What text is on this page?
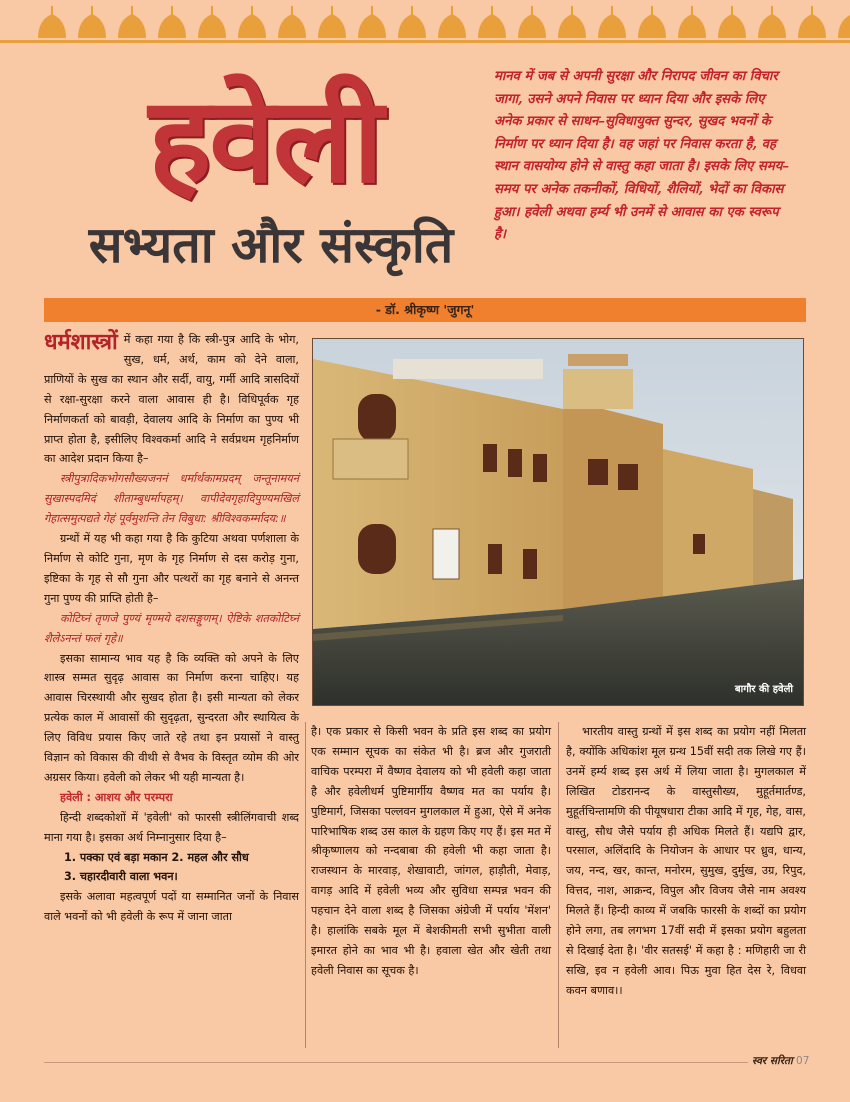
हवेली
सभ्यता और संस्कृति
मानव में जब से अपनी सुरक्षा और निरापद जीवन का विचार जागा, उसने अपने निवास पर ध्यान दिया और इसके लिए अनेक प्रकार से साधन–सुविधायुक्त सुन्दर, सुखद भवनों के निर्माण पर ध्यान दिया है। वह जहां पर निवास करता है, वह स्थान वासयोग्य होने से वास्तु कहा जाता है। इसके लिए समय–समय पर अनेक तकनीकों, विधियों, शैलियों, भेदों का विकास हुआ। हवेली अथवा हर्म्य भी उनमें से आवास का एक स्वरूप है।
- डॉ. श्रीकृष्ण 'जुगनू'

धर्मशास्त्रों में कहा गया है कि स्त्री-पुत्र आदि के भोग, सुख, धर्म, अर्थ, काम को देने वाला, प्राणियों के सुख का स्थान और सर्दी, वायु, गर्मी आदि त्रासदियों से रक्षा-सुरक्षा करने वाला आवास ही है। विधिपूर्वक गृह निर्माणकर्ता को बावड़ी, देवालय आदि के निर्माण का पुण्य भी प्राप्त होता है, इसीलिए विश्वकर्मा आदि ने सर्वप्रथम गृहनिर्माण का आदेश प्रदान किया है–

स्त्रीपुत्रादिकभोगसौख्यजननं धर्मार्थकामप्रदम् जन्तूनामयनं सुखास्पदमिदं शीताम्बुधर्मापहम्। वापीदेवगृहादिपुण्यमखिलं गेहात्समुत्पद्यते गेहं पूर्वमुशन्ति तेन विबुधा: श्रीविश्वकर्म्मादय:॥

ग्रन्थों में यह भी कहा गया है कि कुटिया अथवा पर्णशाला के निर्माण से कोटि गुना, मृण के गृह निर्माण से दस करोड़ गुना, इष्टिका के गृह से सौ गुना और पत्थरों का गृह बनाने से अनन्त गुना पुण्य की प्राप्ति होती है–

कोटिघ्नं तृणजे पुण्यं मृण्मये दशसङ्गुणम्। ऐष्टिके शतकोटिघ्नं शैलेऽनन्तं फलं गृहे॥

इसका सामान्य भाव यह है कि व्यक्ति को अपने के लिए शास्त्र सम्मत सुदृढ़ आवास का निर्माण करना चाहिए। यह आवास चिरस्थायी और सुखद होता है। इसी मान्यता को लेकर प्रत्येक काल में आवासों की सुदृढ़ता, सुन्दरता और स्थायित्व के लिए विविध प्रयास किए जाते रहे तथा इन प्रयासों ने वास्तु विज्ञान को विकास की वीथी से वैभव के विस्तृत व्योम की ओर अग्रसर किया। हवेली को लेकर भी यही मान्यता है।

हवेली : आशय और परम्परा

हिन्दी शब्दकोशों में 'हवेली' को फारसी स्त्रीलिंगवाची शब्द माना गया है। इसका अर्थ निम्नानुसार दिया है–

1. पक्का एवं बड़ा मकान 2. महल और सौध

3. चहारदीवारी वाला भवन।

इसके अलावा महत्वपूर्ण पदों या सम्मानित जनों के निवास वाले भवनों को भी हवेली के रूप में जाना जाता

बागौर की हवेली

है। एक प्रकार से किसी भवन के प्रति इस शब्द का प्रयोग एक सम्मान सूचक का संकेत भी है। ब्रज और गुजराती वाचिक परम्परा में वैष्णव देवालय को भी हवेली कहा जाता है और हवेलीधर्म पुष्टिमार्गीय वैष्णव मत का पर्याय है। पुष्टिमार्ग, जिसका पल्लवन मुगलकाल में हुआ, ऐसे में अनेक पारिभाषिक शब्द उस काल के ग्रहण किए गए हैं। इस मत में श्रीकृष्णालय को नन्दबाबा की हवेली भी कहा जाता है। राजस्थान के मारवाड़, शेखावाटी, जांगल, हाड़ौती, मेवाड़, वागड़ आदि में हवेली भव्य और सुविधा सम्पन्न भवन की पहचान देने वाला शब्द है जिसका अंग्रेजी में पर्याय 'मेंशन' है। हालांकि सबके मूल में बेशकीमती सभी सुभीता वाली इमारत होने का भाव भी है। हवाला खेत और खेती तथा हवेली निवास का सूचक है।

भारतीय वास्तु ग्रन्थों में इस शब्द का प्रयोग नहीं मिलता है, क्योंकि अधिकांश मूल ग्रन्थ 15वीं सदी तक लिखे गए हैं। उनमें हर्म्य शब्द इस अर्थ में लिया जाता है। मुगलकाल में लिखित टोडरानन्द के वास्तुसौख्य, मुहूर्तमार्तण्ड, मुहूर्तचिन्तामणि की पीयूषधारा टीका आदि में गृह, गेह, वास, वास्तु, सौध जैसे पर्याय ही अधिक मिलते हैं। यद्यपि द्वार, परसाल, अलिंदादि के नियोजन के आधार पर ध्रुव, धान्य, जय, नन्द, खर, कान्त, मनोरम, सुमुख, दुर्मुख, उग्र, रिपुद, वित्तद, नाश, आक्रन्द, विपुल और विजय जैसे नाम अवश्य मिलते हैं। हिन्दी काव्य में जबकि फारसी के शब्दों का प्रयोग होने लगा, तब लगभग 17वीं सदी में इसका प्रयोग बहुलता से दिखाई देता है। 'वीर सतसई' में कहा है : मणिहारी जा री सखि, इव न हवेली आव। पिऊ मुवा हित देस रे, विधवा कवन बणाव।।

स्वर सरिता 07
